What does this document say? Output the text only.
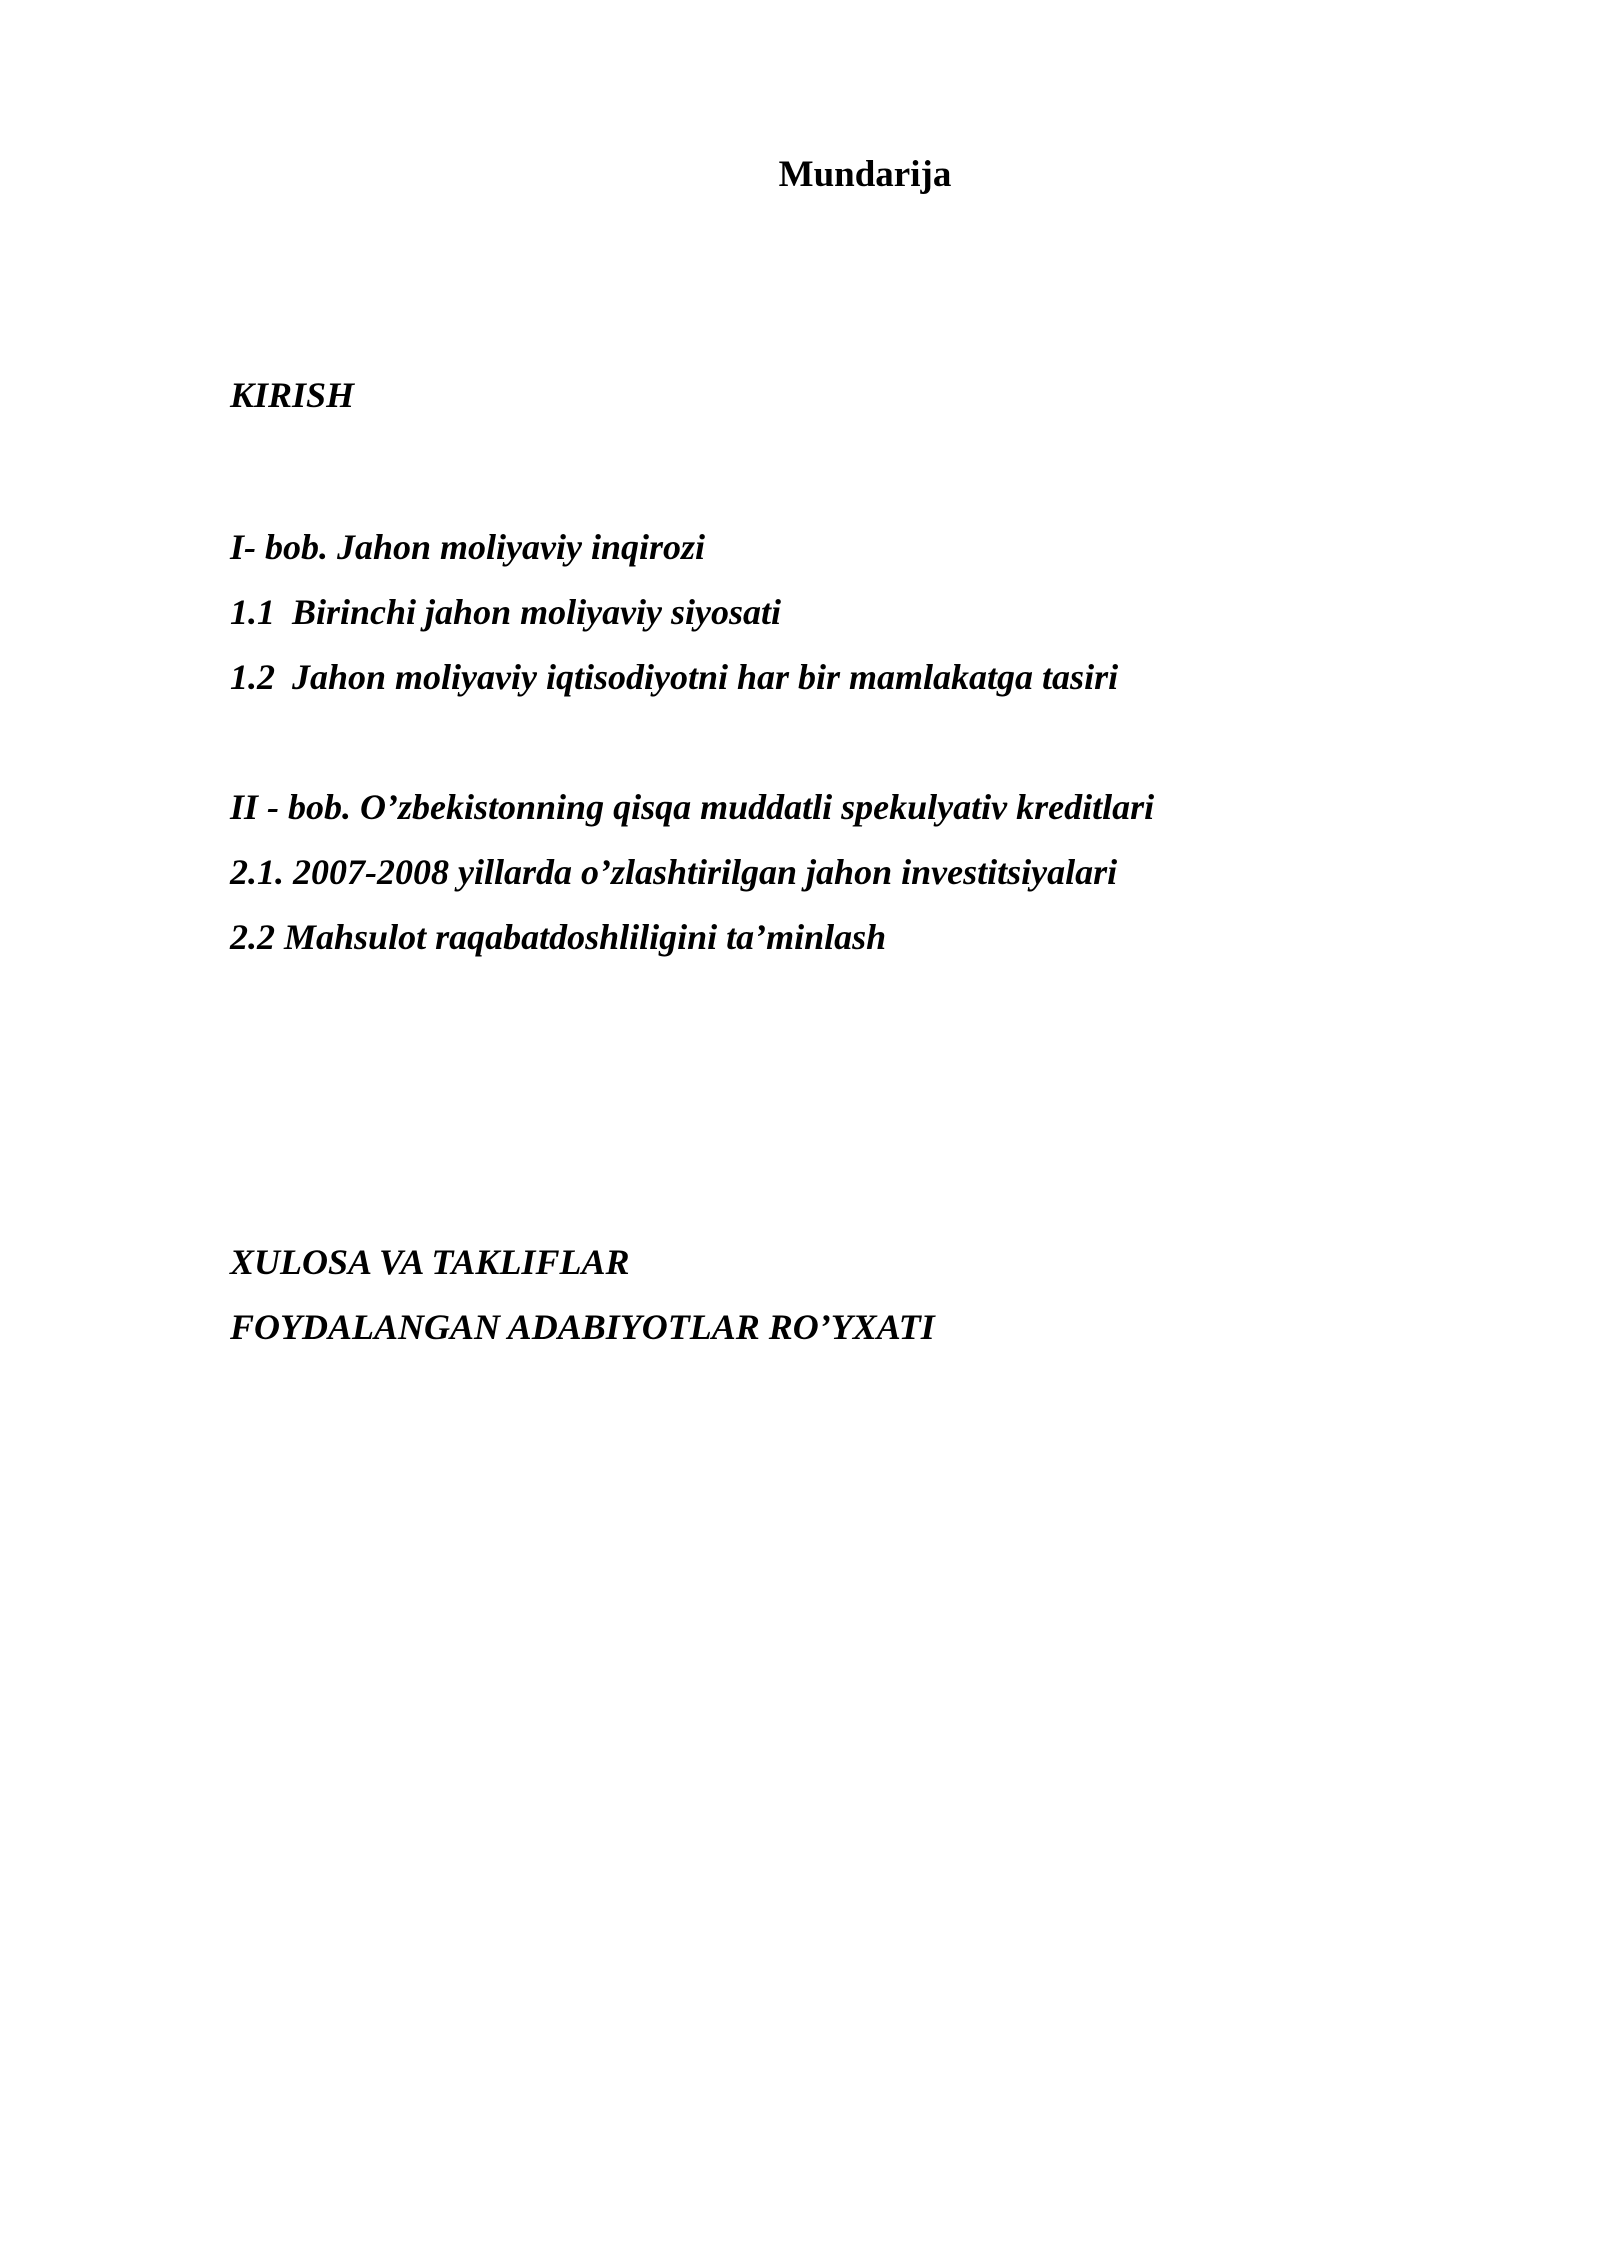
Mundarija
KIRISH
I- bob. Jahon moliyaviy inqirozi
1.1 Birinchi jahon moliyaviy siyosati
1.2 Jahon moliyaviy iqtisodiyotni har bir mamlakatga tasiri
II - bob. O’zbekistonning qisqa muddatli spekulyativ kreditlari
2.1. 2007-2008 yillarda o’zlashtirilgan jahon investitsiyalari
2.2 Mahsulot raqabatdoshliligini ta’minlash
XULOSA VA TAKLIFLAR
FOYDALANGAN ADABIYOTLAR RO’YXATI
